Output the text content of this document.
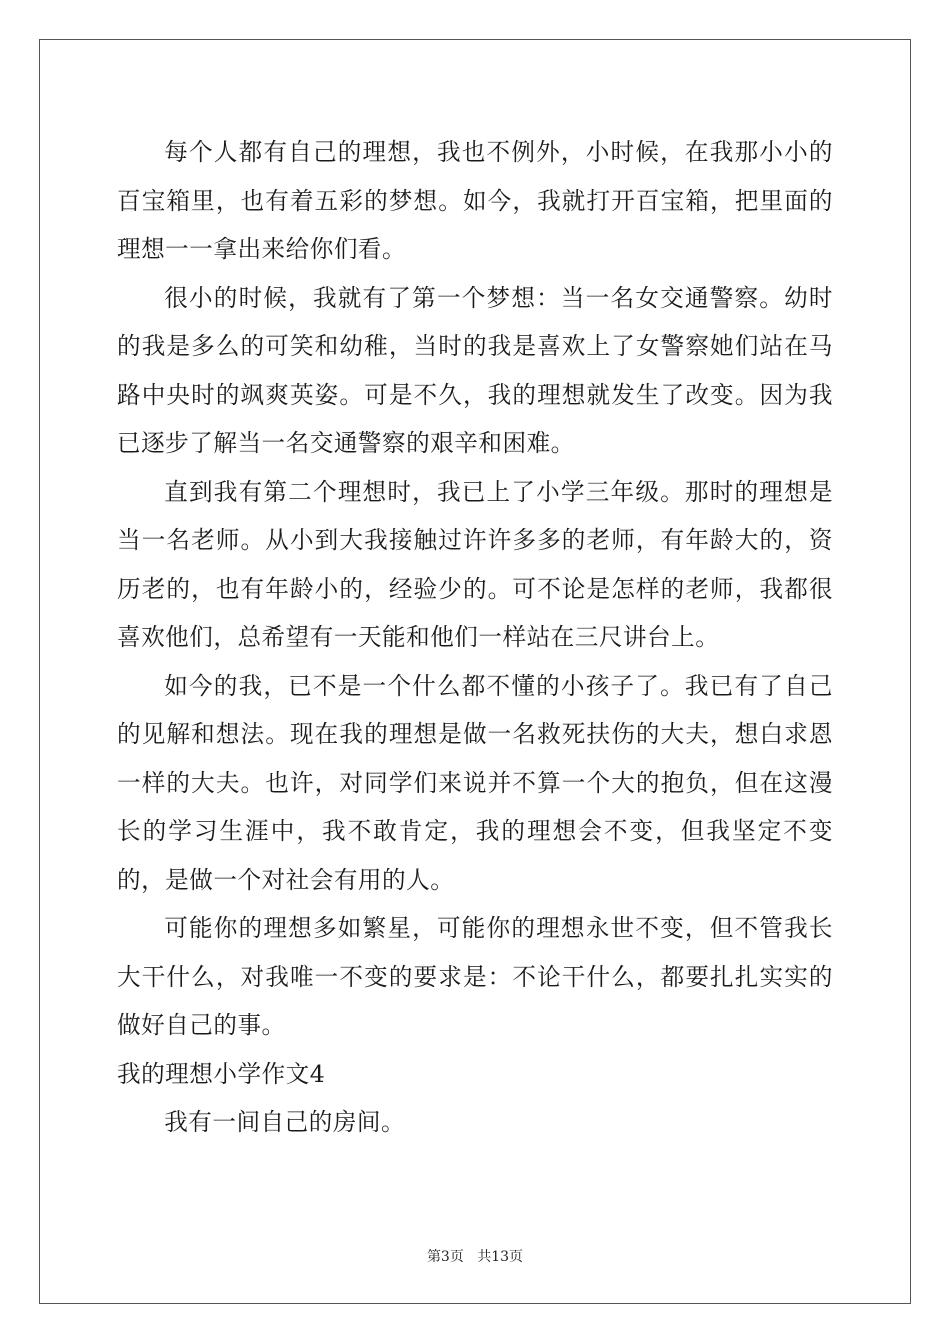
每个人都有自己的理想，我也不例外，小时候，在我那小小的百宝箱里，也有着五彩的梦想。如今，我就打开百宝箱，把里面的理想一一拿出来给你们看。

很小的时候，我就有了第一个梦想：当一名女交通警察。幼时的我是多么的可笑和幼稚，当时的我是喜欢上了女警察她们站在马路中央时的飒爽英姿。可是不久，我的理想就发生了改变。因为我已逐步了解当一名交通警察的艰辛和困难。

直到我有第二个理想时，我已上了小学三年级。那时的理想是当一名老师。从小到大我接触过许许多多的老师，有年龄大的，资历老的，也有年龄小的，经验少的。可不论是怎样的老师，我都很喜欢他们，总希望有一天能和他们一样站在三尺讲台上。

如今的我，已不是一个什么都不懂的小孩子了。我已有了自己的见解和想法。现在我的理想是做一名救死扶伤的大夫，想白求恩一样的大夫。也许，对同学们来说并不算一个大的抱负，但在这漫长的学习生涯中，我不敢肯定，我的理想会不变，但我坚定不变的，是做一个对社会有用的人。

可能你的理想多如繁星，可能你的理想永世不变，但不管我长大干什么，对我唯一不变的要求是：不论干什么，都要扎扎实实的做好自己的事。

我的理想小学作文4

我有一间自己的房间。

第3页 共13页
